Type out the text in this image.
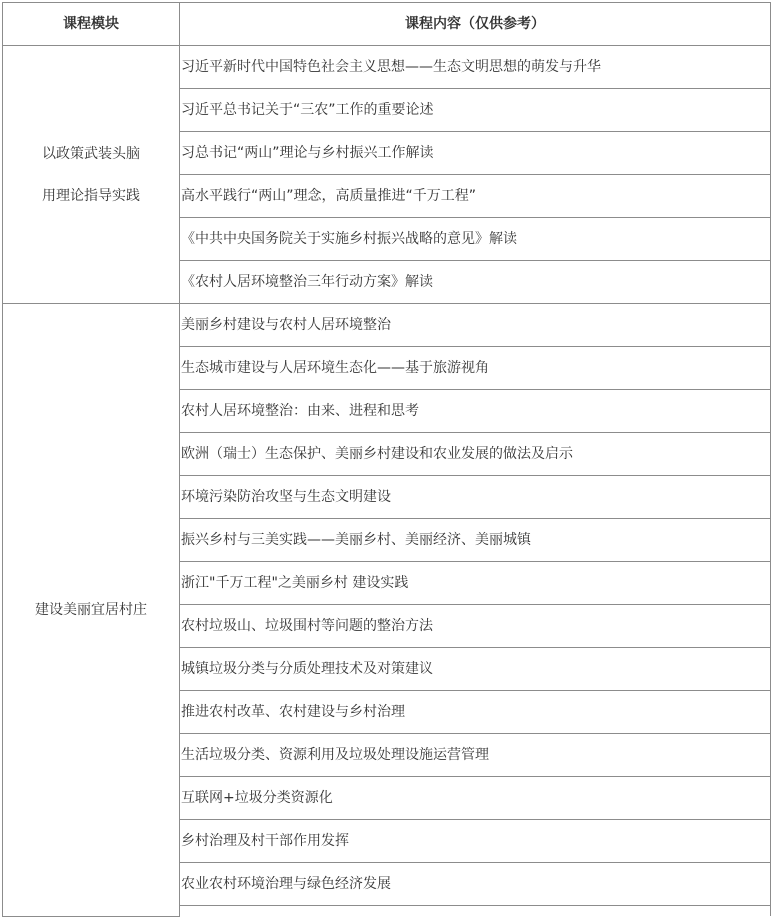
课程模块	课程内容（仅供参考）

以政策武装头脑
用理论指导实践	习近平新时代中国特色社会主义思想——生态文明思想的萌发与升华
	习近平总书记关于“三农”工作的重要论述
	习总书记“两山”理论与乡村振兴工作解读
	高水平践行“两山”理念，高质量推进“千万工程”
	《中共中央国务院关于实施乡村振兴战略的意见》解读
	《农村人居环境整治三年行动方案》解读

建设美丽宜居村庄	美丽乡村建设与农村人居环境整治
	生态城市建设与人居环境生态化——基于旅游视角
	农村人居环境整治：由来、进程和思考
	欧洲（瑞士）生态保护、美丽乡村建设和农业发展的做法及启示
	环境污染防治攻坚与生态文明建设
	振兴乡村与三美实践——美丽乡村、美丽经济、美丽城镇
	浙江"千万工程"之美丽乡村 建设实践
	农村垃圾山、垃圾围村等问题的整治方法
	城镇垃圾分类与分质处理技术及对策建议
	推进农村改革、农村建设与乡村治理
	生活垃圾分类、资源利用及垃圾处理设施运营管理
	互联网+垃圾分类资源化
	乡村治理及村干部作用发挥
	农业农村环境治理与绿色经济发展
